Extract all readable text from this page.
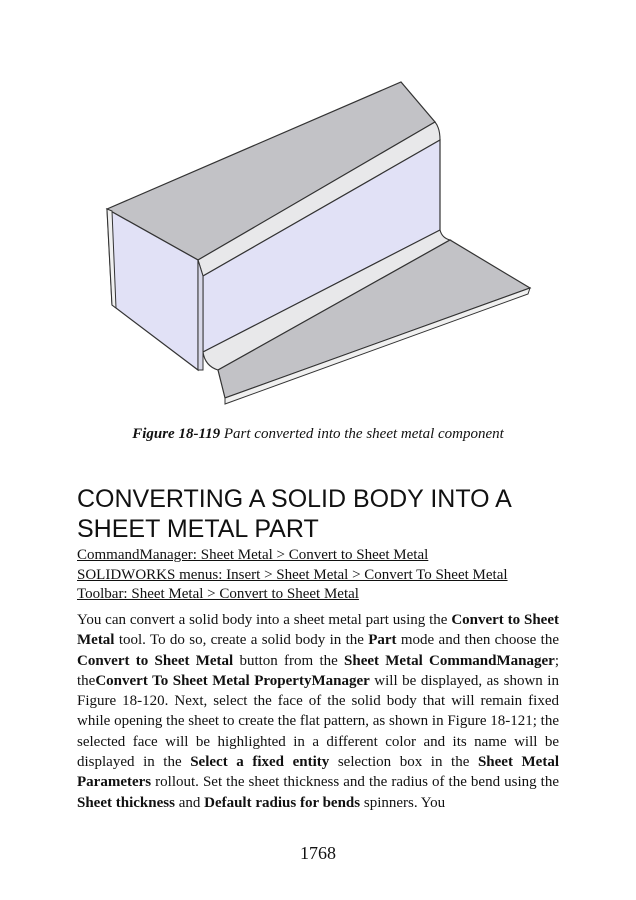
Figure 18-119 Part converted into the sheet metal component
CONVERTING A SOLID BODY INTO A SHEET METAL PART
CommandManager: Sheet Metal > Convert to Sheet Metal
SOLIDWORKS menus: Insert > Sheet Metal > Convert To Sheet Metal
Toolbar: Sheet Metal > Convert to Sheet Metal

You can convert a solid body into a sheet metal part using the Convert to Sheet Metal tool. To do so, create a solid body in the Part mode and then choose the Convert to Sheet Metal button from the Sheet Metal CommandManager; theConvert To Sheet Metal PropertyManager will be displayed, as shown in Figure 18-120. Next, select the face of the solid body that will remain fixed while opening the sheet to create the flat pattern, as shown in Figure 18-121; the selected face will be highlighted in a different color and its name will be displayed in the Select a fixed entity selection box in the Sheet Metal Parameters rollout. Set the sheet thickness and the radius of the bend using the Sheet thickness and Default radius for bends spinners. You

1768
